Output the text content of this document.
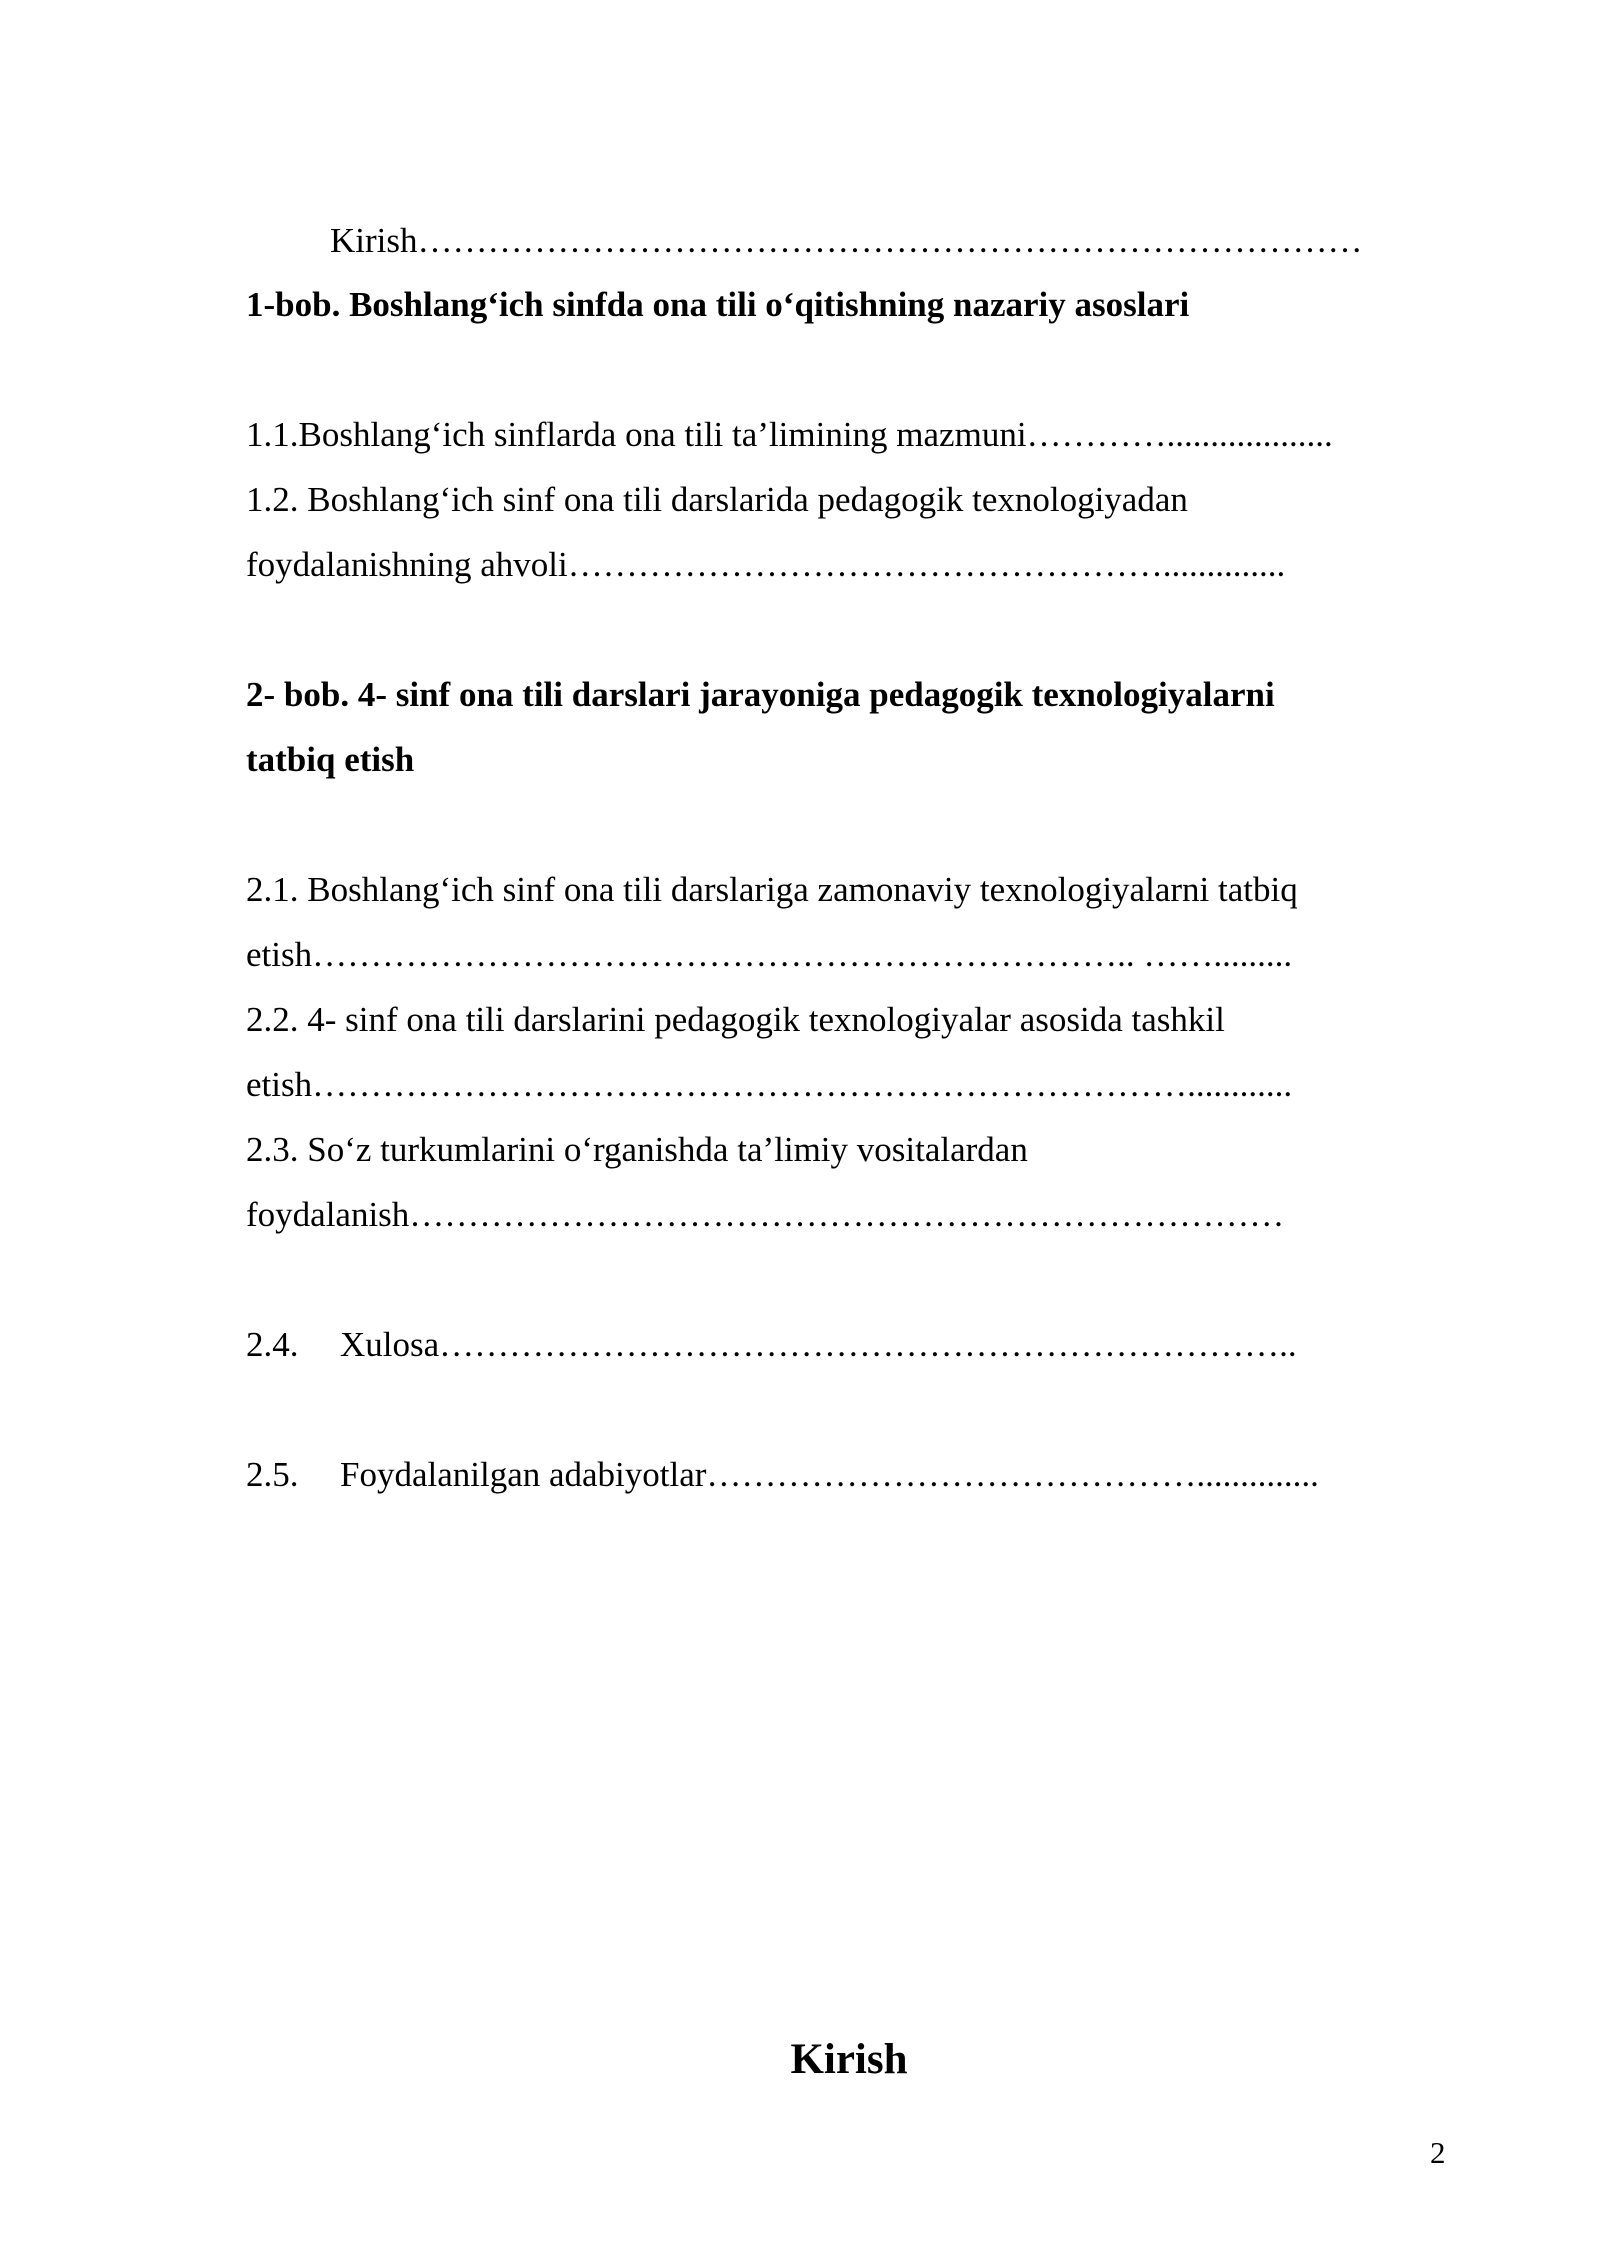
Kirish………………………………………………………………………
1-bob. Boshlang‘ich sinfda ona tili o‘qitishning nazariy asoslari
1.1.Boshlang‘ich sinflarda ona tili ta’limining mazmuni…………...................
1.2. Boshlang‘ich sinf ona tili darslarida pedagogik texnologiyadan
foydalanishning ahvoli……………………………………………..............
2- bob. 4- sinf ona tili darslari jarayoniga pedagogik texnologiyalarni
tatbiq etish
2.1. Boshlang‘ich sinf ona tili darslariga zamonaviy texnologiyalarni tatbiq
etish…………………………………………………………….. …….........
2.2. 4- sinf ona tili darslarini pedagogik texnologiyalar asosida tashkil
etish…………………………………………………………………............
2.3. So‘z turkumlarini o‘rganishda ta’limiy vositalardan
foydalanish…………………………………………………………………
2.4. Xulosa………………………………………………………………..
2.5. Foydalanilgan adabiyotlar……………………………………..............
Kirish
2
